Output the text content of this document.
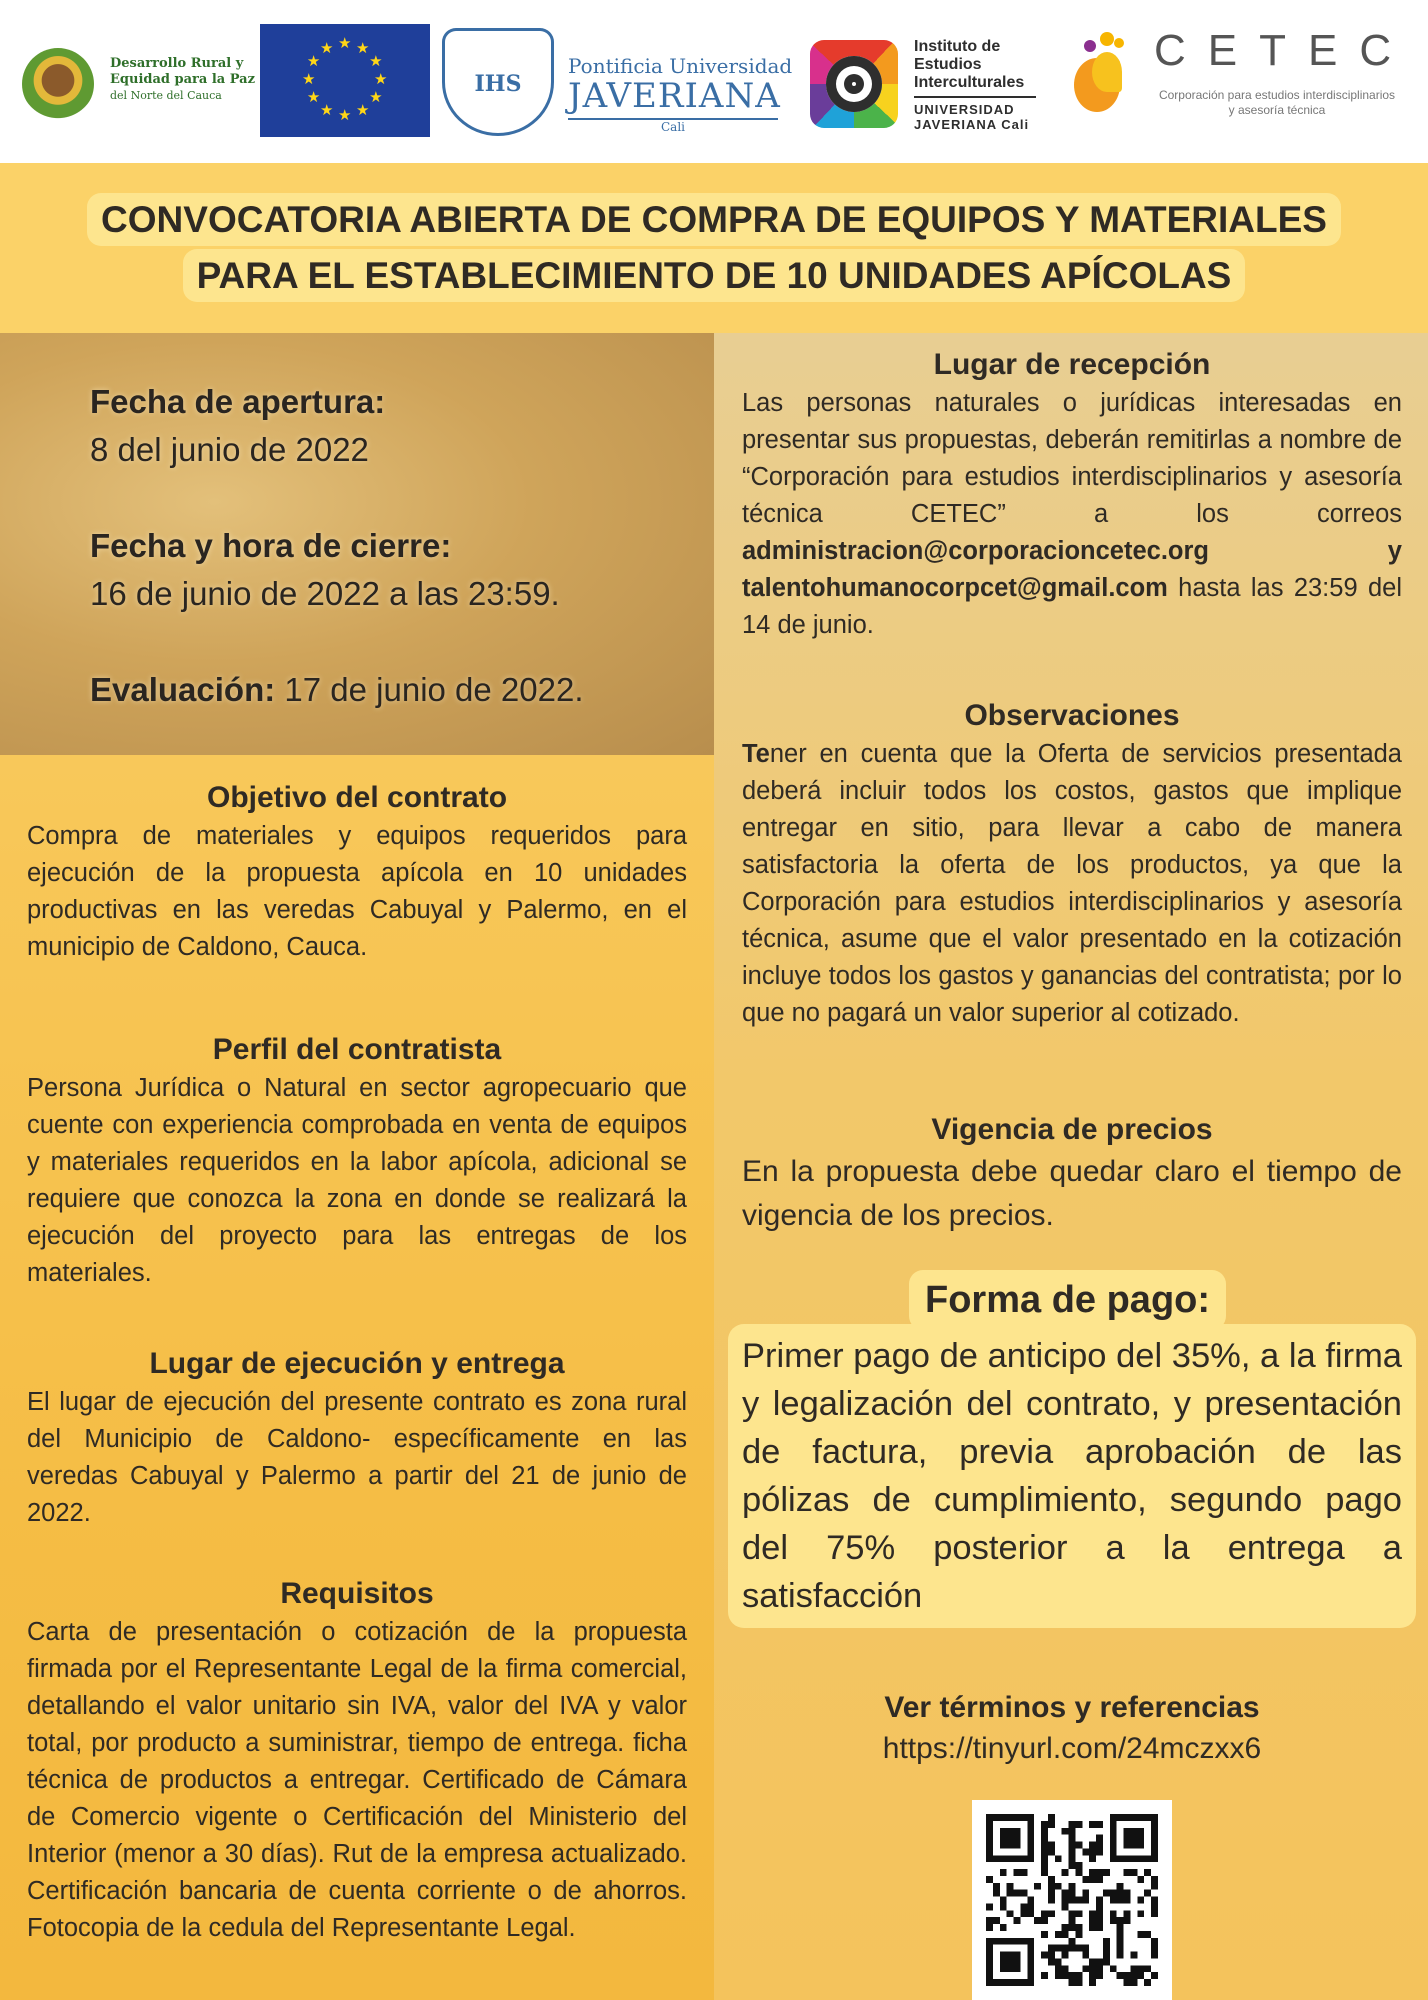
Desarrollo Rural y
Equidad para la Paz
del Norte del Cauca
★ ★
★
★
★
★
★
★
★
★
★
★
IHS
Pontificia Universidad
JAVERIANA
Cali
Instituto de
Estudios
Interculturales
UNIVERSIDAD
JAVERIANA Cali
CETEC
Corporación para estudios interdisciplinarios
y asesoría técnica
CONVOCATORIA ABIERTA DE COMPRA DE EQUIPOS Y MATERIALES
PARA EL ESTABLECIMIENTO DE 10 UNIDADES APÍCOLAS
Fecha de apertura:
8 del junio de 2022
Fecha y hora de cierre:
16 de junio de 2022 a las 23:59.
Evaluación: 17 de junio de 2022.
Objetivo del contrato

Compra de materiales y equipos requeridos para ejecución de la propuesta apícola en 10 unidades productivas en las veredas Cabuyal y Palermo, en el municipio de Caldono, Cauca.

Perfil del contratista

Persona Jurídica o Natural en sector agropecuario que cuente con experiencia comprobada en venta de equipos y materiales requeridos en la labor apícola, adicional se requiere que conozca la zona en donde se realizará la ejecución del proyecto para las entregas de los materiales.

Lugar de ejecución y entrega

El lugar de ejecución del presente contrato es zona rural del Municipio de Caldono- específicamente en las veredas Cabuyal y Palermo a partir del 21 de junio de 2022.

Requisitos

Carta de presentación o cotización de la propuesta firmada por el Representante Legal de la firma comercial, detallando el valor unitario sin IVA, valor del IVA y valor total, por producto a suministrar, tiempo de entrega. ficha técnica de productos a entregar. Certificado de Cámara de Comercio vigente o Certificación del Ministerio del Interior (menor a 30 días). Rut de la empresa actualizado. Certificación bancaria de cuenta corriente o de ahorros. Fotocopia de la cedula del Representante Legal.

Lugar de recepción

Las personas naturales o jurídicas interesadas en presentar sus propuestas, deberán remitirlas a nombre de “Corporación para estudios interdisciplinarios y asesoría técnica CETEC” a los correos administracion@corporacioncetec.org y talentohumanocorpcet@gmail.com hasta las 23:59 del 14 de junio.

Observaciones

Tener en cuenta que la Oferta de servicios presentada deberá incluir todos los costos, gastos que implique entregar en sitio, para llevar a cabo de manera satisfactoria la oferta de los productos, ya que la Corporación para estudios interdisciplinarios y asesoría técnica, asume que el valor presentado en la cotización incluye todos los gastos y ganancias del contratista; por lo que no pagará un valor superior al cotizado.

Vigencia de precios

En la propuesta debe quedar claro el tiempo de vigencia de los precios.

Forma de pago:
Primer pago de anticipo del 35%, a la firma y legalización del contrato, y presentación de factura, previa aprobación de las pólizas de cumplimiento, segundo pago del 75% posterior a la entrega a satisfacción
Ver términos y referencias
https://tinyurl.com/24mczxx6
